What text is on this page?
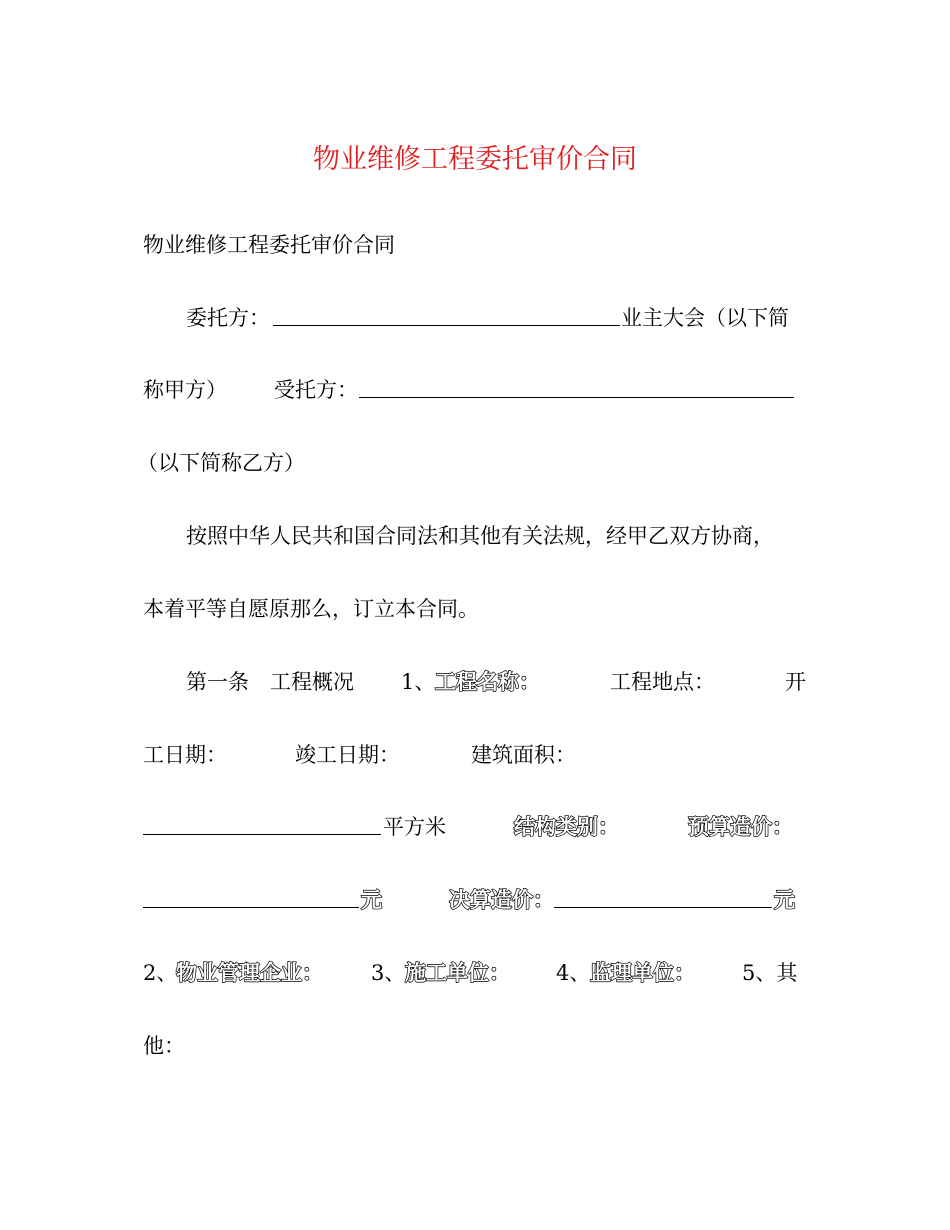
物业维修工程委托审价合同
物业维修工程委托审价合同
委托方：	业主大会（以下简
称甲方） 受托方：
（以下简称乙方）
按照中华人民共和国合同法和其他有关法规，经甲乙双方协商，
本着平等自愿原那么，订立本合同。
第一条　工程概况 1、 工程名称：	工程地点：	开
工日期：	竣工日期：	建筑面积：
平方米	结构类别：	预算造价：
元	决算造价：	元
2、
物业管理企业： 3、 施工单位： 4、 监理单位： 5、其
他：
